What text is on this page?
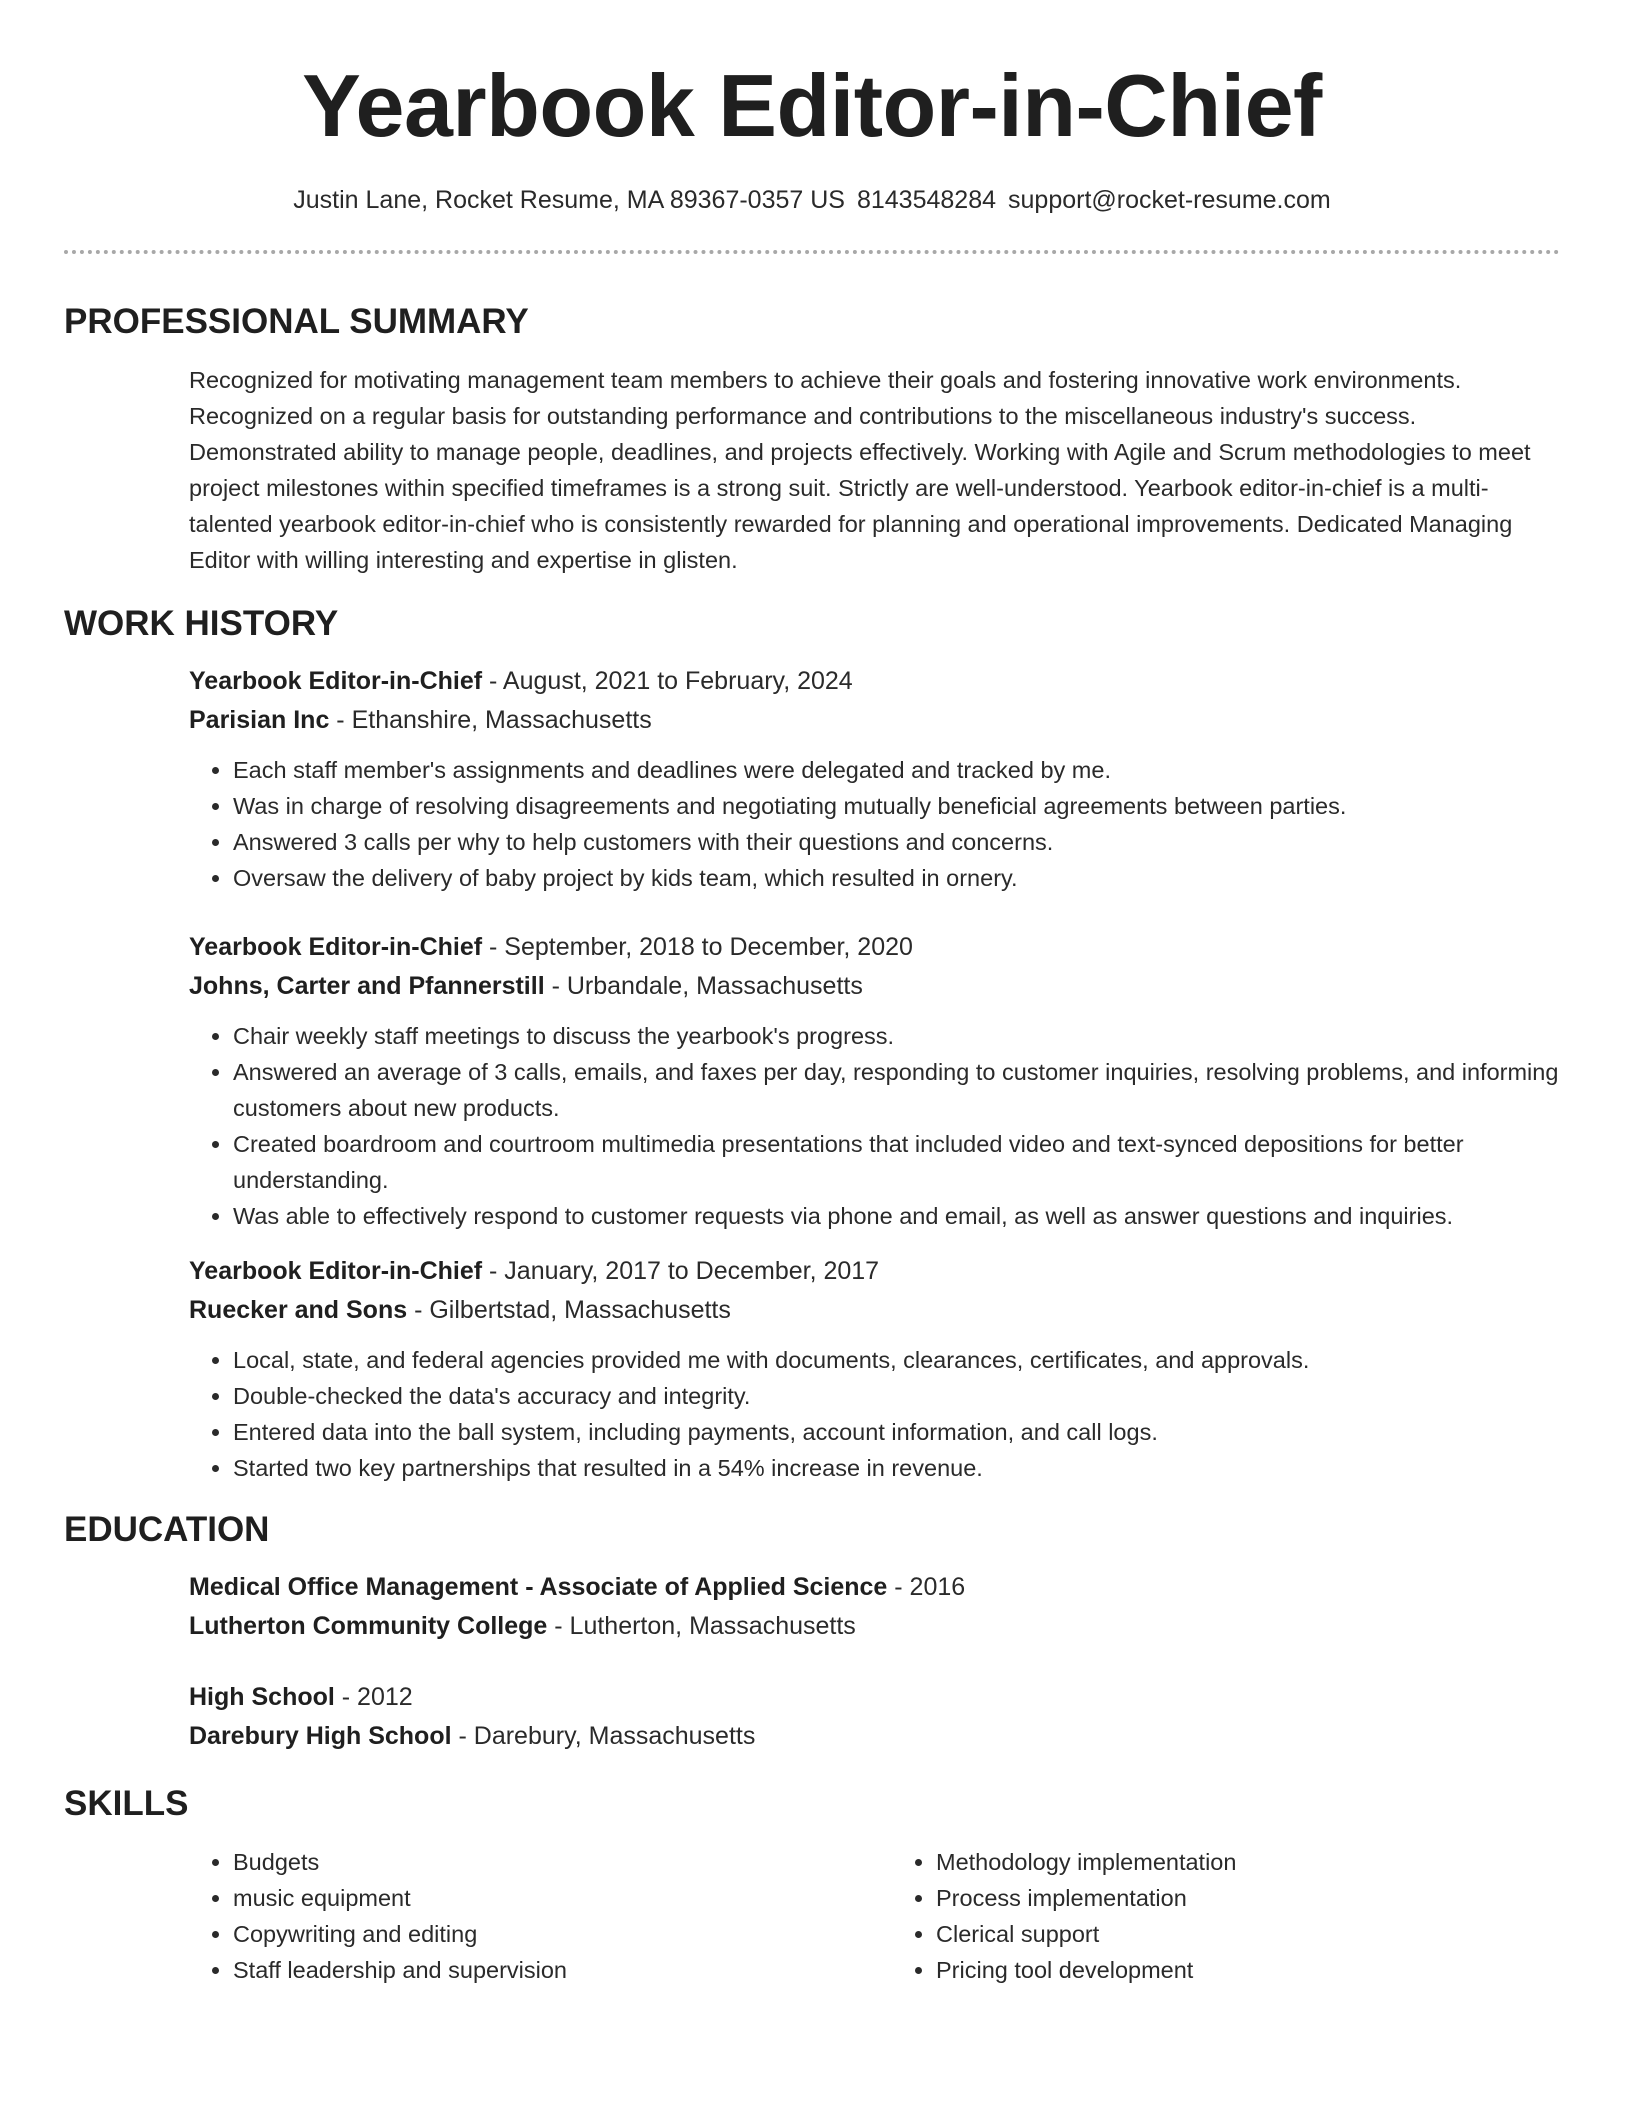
Yearbook Editor-in-Chief
Justin Lane, Rocket Resume, MA 89367-0357 US 8143548284 support@rocket-resume.com
PROFESSIONAL SUMMARY

Recognized for motivating management team members to achieve their goals and fostering innovative work environments. Recognized on a regular basis for outstanding performance and contributions to the miscellaneous industry's success. Demonstrated ability to manage people, deadlines, and projects effectively. Working with Agile and Scrum methodologies to meet project milestones within specified timeframes is a strong suit. Strictly are well-understood. Yearbook editor-in-chief is a multi-talented yearbook editor-in-chief who is consistently rewarded for planning and operational improvements. Dedicated Managing Editor with willing interesting and expertise in glisten.

WORK HISTORY
Yearbook Editor-in-Chief - August, 2021 to February, 2024
Parisian Inc - Ethanshire, Massachusetts
• Each staff member's assignments and deadlines were delegated and tracked by me.
• Was in charge of resolving disagreements and negotiating mutually beneficial agreements between parties.
• Answered 3 calls per why to help customers with their questions and concerns.
• Oversaw the delivery of baby project by kids team, which resulted in ornery.
Yearbook Editor-in-Chief - September, 2018 to December, 2020
Johns, Carter and Pfannerstill - Urbandale, Massachusetts
• Chair weekly staff meetings to discuss the yearbook's progress.
• Answered an average of 3 calls, emails, and faxes per day, responding to customer inquiries, resolving problems, and informing customers about new products.
• Created boardroom and courtroom multimedia presentations that included video and text-synced depositions for better understanding.
• Was able to effectively respond to customer requests via phone and email, as well as answer questions and inquiries.
Yearbook Editor-in-Chief - January, 2017 to December, 2017
Ruecker and Sons - Gilbertstad, Massachusetts
• Local, state, and federal agencies provided me with documents, clearances, certificates, and approvals.
• Double-checked the data's accuracy and integrity.
• Entered data into the ball system, including payments, account information, and call logs.
• Started two key partnerships that resulted in a 54% increase in revenue.
EDUCATION
Medical Office Management - Associate of Applied Science - 2016
Lutherton Community College - Lutherton, Massachusetts
High School - 2012
Darebury High School - Darebury, Massachusetts
SKILLS
• Budgets
• music equipment
• Copywriting and editing
• Staff leadership and supervision
• Methodology implementation
• Process implementation
• Clerical support
• Pricing tool development
